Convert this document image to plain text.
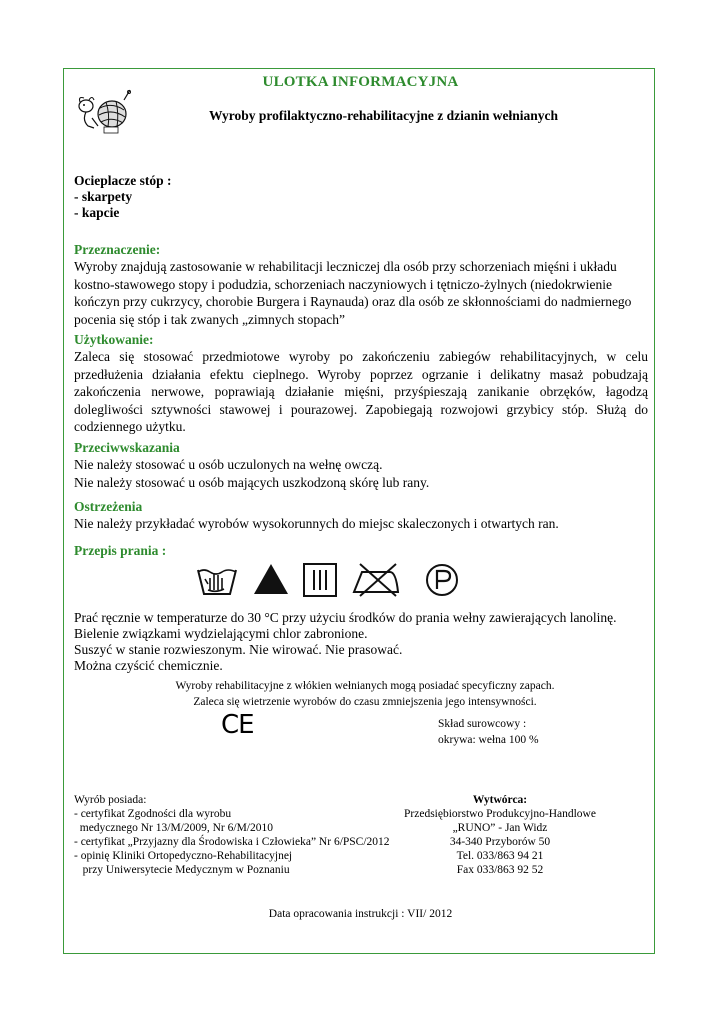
ULOTKA INFORMACYJNA
Wyroby profilaktyczno-rehabilitacyjne z dzianin wełnianych
Ocieplacze stóp :
- skarpety
- kapcie
Przeznaczenie:
Wyroby znajdują zastosowanie w rehabilitacji leczniczej dla osób przy schorzeniach mięśni i układu
kostno-stawowego stopy i podudzia, schorzeniach naczyniowych i tętniczo-żylnych (niedokrwienie
kończyn przy cukrzycy, chorobie Burgera i Raynauda) oraz dla osób ze skłonnościami do nadmiernego
pocenia się stóp i tak zwanych „zimnych stopach”
Użytkowanie:
Zaleca się stosować przedmiotowe wyroby po zakończeniu zabiegów rehabilitacyjnych, w celu przedłużenia działania efektu cieplnego. Wyroby poprzez ogrzanie i delikatny masaż pobudzają zakończenia nerwowe, poprawiają działanie mięśni, przyśpieszają zanikanie obrzęków, łagodzą dolegliwości sztywności stawowej i pourazowej. Zapobiegają rozwojowi grzybicy stóp. Służą do codziennego użytku.
Przeciwwskazania
Nie należy stosować u osób uczulonych na wełnę owczą.
Nie należy stosować u osób mających uszkodzoną skórę lub rany.
Ostrzeżenia
Nie należy przykładać wyrobów wysokorunnych do miejsc skaleczonych i otwartych ran.
Przepis prania :
Prać ręcznie w temperaturze do 30 °C przy użyciu środków do prania wełny zawierających lanolinę.
Bielenie związkami wydzielającymi chlor zabronione.
Suszyć w stanie rozwieszonym. Nie wirować. Nie prasować.
Można czyścić chemicznie.
Wyroby rehabilitacyjne z włókien wełnianych mogą posiadać specyficzny zapach.
Zaleca się wietrzenie wyrobów do czasu zmniejszenia jego intensywności.
CE	Skład surowcowy :
okrywa: wełna 100 %
Wyrób posiada:
- certyfikat Zgodności dla wyrobu
medycznego Nr 13/M/2009, Nr 6/M/2010
- certyfikat „Przyjazny dla Środowiska i Człowieka” Nr 6/PSC/2012
- opinię Kliniki Ortopedyczno-Rehabilitacyjnej
przy Uniwersytecie Medycznym w Poznaniu
Wytwórca:
Przedsiębiorstwo Produkcyjno-Handlowe
„RUNO” - Jan Widz
34-340 Przyborów 50
Tel. 033/863 94 21
Fax 033/863 92 52
Data opracowania instrukcji : VII/ 2012
